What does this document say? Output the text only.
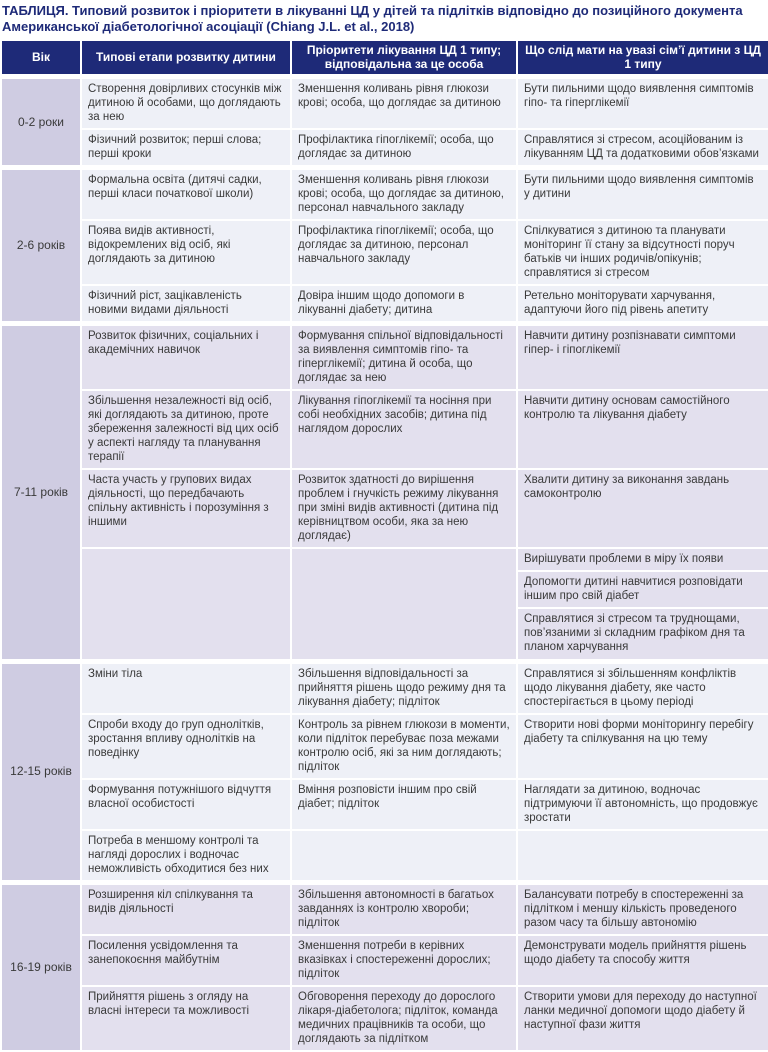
ТАБЛИЦЯ. Типовий розвиток і пріоритети в лікуванні ЦД у дітей та підлітків відповідно до позиційного документа Американської діабетологічної асоціації (Chiang J.L. et al., 2018)
Вік	Типові етапи розвитку дитини	Пріоритети лікування ЦД 1 типу; відповідальна за це особа	Що слід мати на увазі сім’ї дитини з ЦД 1 типу
0-2 роки	Створення довірливих стосунків між дитиною й особами, що доглядають за нею	Зменшення коливань рівня глюкози крові; особа, що доглядає за дитиною	Бути пильними щодо виявлення симптомів гіпо- та гіперглікемії
	Фізичний розвиток; перші слова; перші кроки	Профілактика гіпоглікемії; особа, що доглядає за дитиною	Справлятися зі стресом, асоційованим із лікуванням ЦД та додатковими обов’язками
2-6 років	Формальна освіта (дитячі садки, перші класи початкової школи)	Зменшення коливань рівня глюкози крові; особа, що доглядає за дитиною, персонал навчального закладу	Бути пильними щодо виявлення симптомів у дитини
	Поява видів активності, відокремлених від осіб, які доглядають за дитиною	Профілактика гіпоглікемії; особа, що доглядає за дитиною, персонал навчального закладу	Спілкуватися з дитиною та планувати моніторинг її стану за відсутності поруч батьків чи інших родичів/опікунів; справлятися зі стресом
	Фізичний ріст, зацікавленість новими видами діяльності	Довіра іншим щодо допомоги в лікуванні діабету; дитина	Ретельно моніторувати харчування, адаптуючи його під рівень апетиту
7-11 років	Розвиток фізичних, соціальних і академічних навичок	Формування спільної відповідальності за виявлення симптомів гіпо- та гіперглікемії; дитина й особа, що доглядає за нею	Навчити дитину розпізнавати симптоми гіпер- і гіпоглікемії
	Збільшення незалежності від осіб, які доглядають за дитиною, проте збереження залежності від цих осіб у аспекті нагляду та планування терапії	Лікування гіпоглікемії та носіння при собі необхідних засобів; дитина під наглядом дорослих	Навчити дитину основам самостійного контролю та лікування діабету
	Часта участь у групових видах діяльності, що передбачають спільну активність і порозуміння з іншими	Розвиток здатності до вирішення проблем і гнучкість режиму лікування при зміні видів активності (дитина під керівництвом особи, яка за нею доглядає)	Хвалити дитину за виконання завдань самоконтролю
			Вирішувати проблеми в міру їх появи
			Допомогти дитині навчитися розповідати іншим про свій діабет
			Справлятися зі стресом та труднощами, пов’язаними зі складним графіком дня та планом харчування
12-15 років	Зміни тіла	Збільшення відповідальності за прийняття рішень щодо режиму дня та лікування діабету; підліток	Справлятися зі збільшенням конфліктів щодо лікування діабету, яке часто спостерігається в цьому періоді
	Спроби входу до груп однолітків, зростання впливу однолітків на поведінку	Контроль за рівнем глюкози в моменти, коли підліток перебуває поза межами контролю осіб, які за ним доглядають; підліток	Створити нові форми моніторингу перебігу діабету та спілкування на цю тему
	Формування потужнішого відчуття власної особистості	Вміння розповісти іншим про свій діабет; підліток	Наглядати за дитиною, водночас підтримуючи її автономність, що продовжує зростати
	Потреба в меншому контролі та нагляді дорослих і водночас неможливість обходитися без них		
16-19 років	Розширення кіл спілкування та видів діяльності	Збільшення автономності в багатьох завданнях із контролю хвороби; підліток	Балансувати потребу в спостереженні за підлітком і меншу кількість проведеного разом часу та більшу автономію
	Посилення усвідомлення та занепокоєння майбутнім	Зменшення потреби в керівних вказівках і спостереженні дорослих; підліток	Демонструвати модель прийняття рішень щодо діабету та способу життя
	Прийняття рішень з огляду на власні інтереси та можливості	Обговорення переходу до дорослого лікаря-діабетолога; підліток, команда медичних працівників та особи, що доглядають за підлітком	Створити умови для переходу до наступної ланки медичної допомоги щодо діабету й наступної фази життя
